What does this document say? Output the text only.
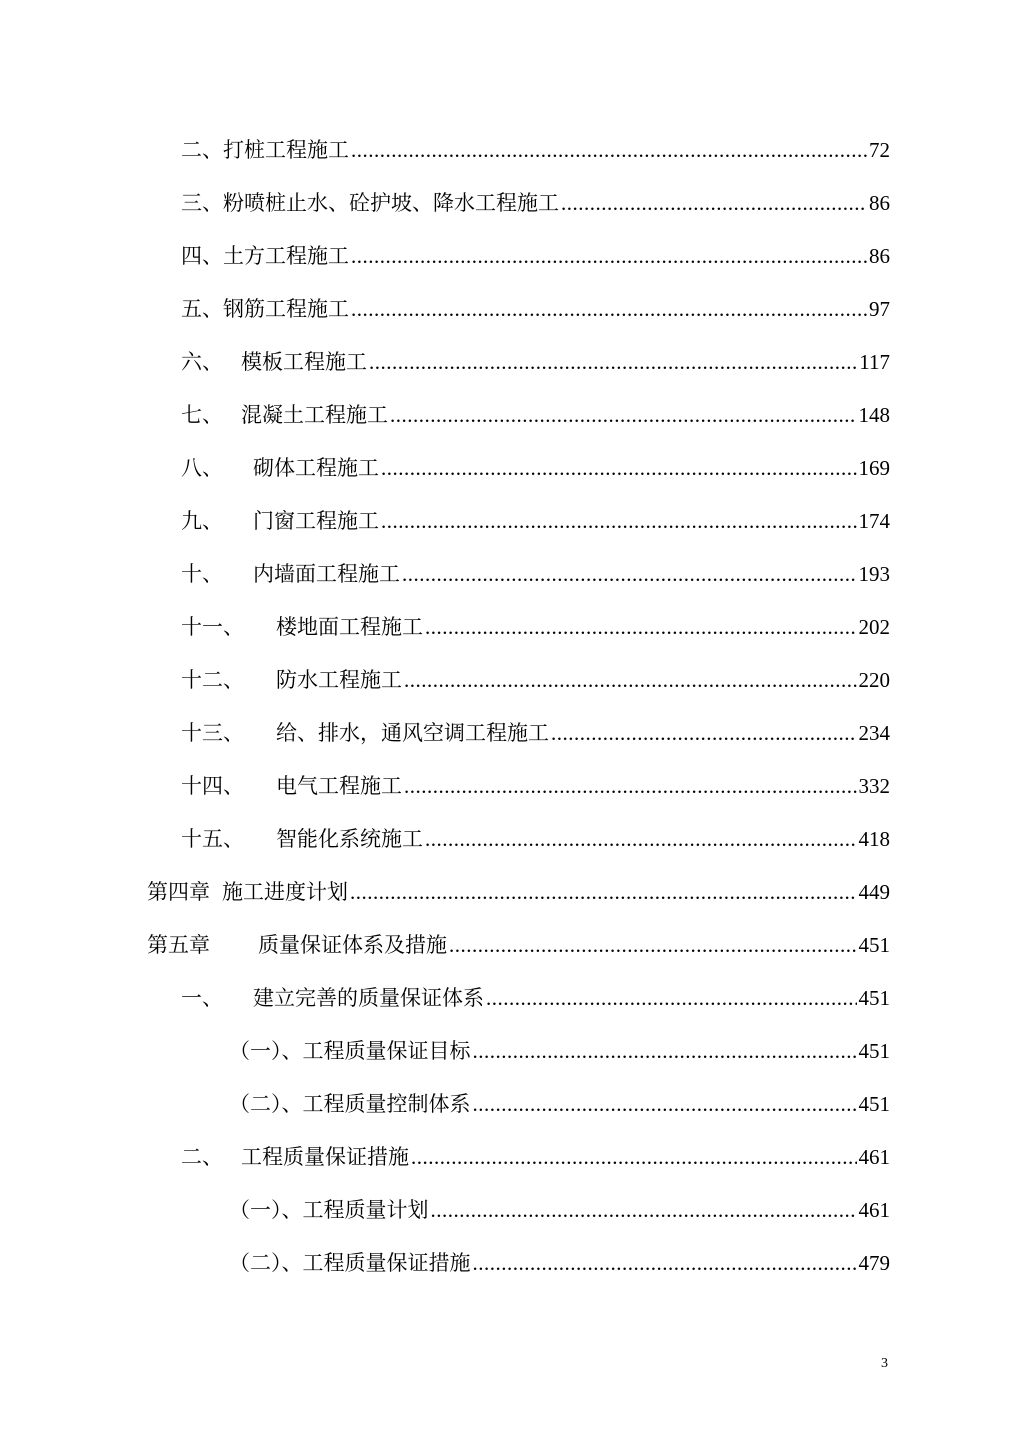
二、 打桩工程施工 .....	72
三、 粉喷桩止水、砼护坡、降水工程施工 .....	86
四、 土方工程施工 .....	86
五、 钢筋工程施工 .....	97
六、 模板工程施工 .....	117
七、 混凝土工程施工 .....	148
八、 砌体工程施工 .....	169
九、 门窗工程施工 .....	174
十、 内墙面工程施工 .....	193
十一、 楼地面工程施工 .....	202
十二、 防水工程施工 .....	220
十三、 给、排水，通风空调工程施工 .....	234
十四、 电气工程施工 .....	332
十五、 智能化系统施工 .....	418
第四章 施工进度计划 .....	449
第五章 质量保证体系及措施 .....	451
一、 建立完善的质量保证体系 .....	451
（一）、 工程质量保证目标 .....	451
（二）、 工程质量控制体系 .....	451
二、 工程质量保证措施 .....	461
（一）、 工程质量计划 .....	461
（二）、 工程质量保证措施 .....	479
3
